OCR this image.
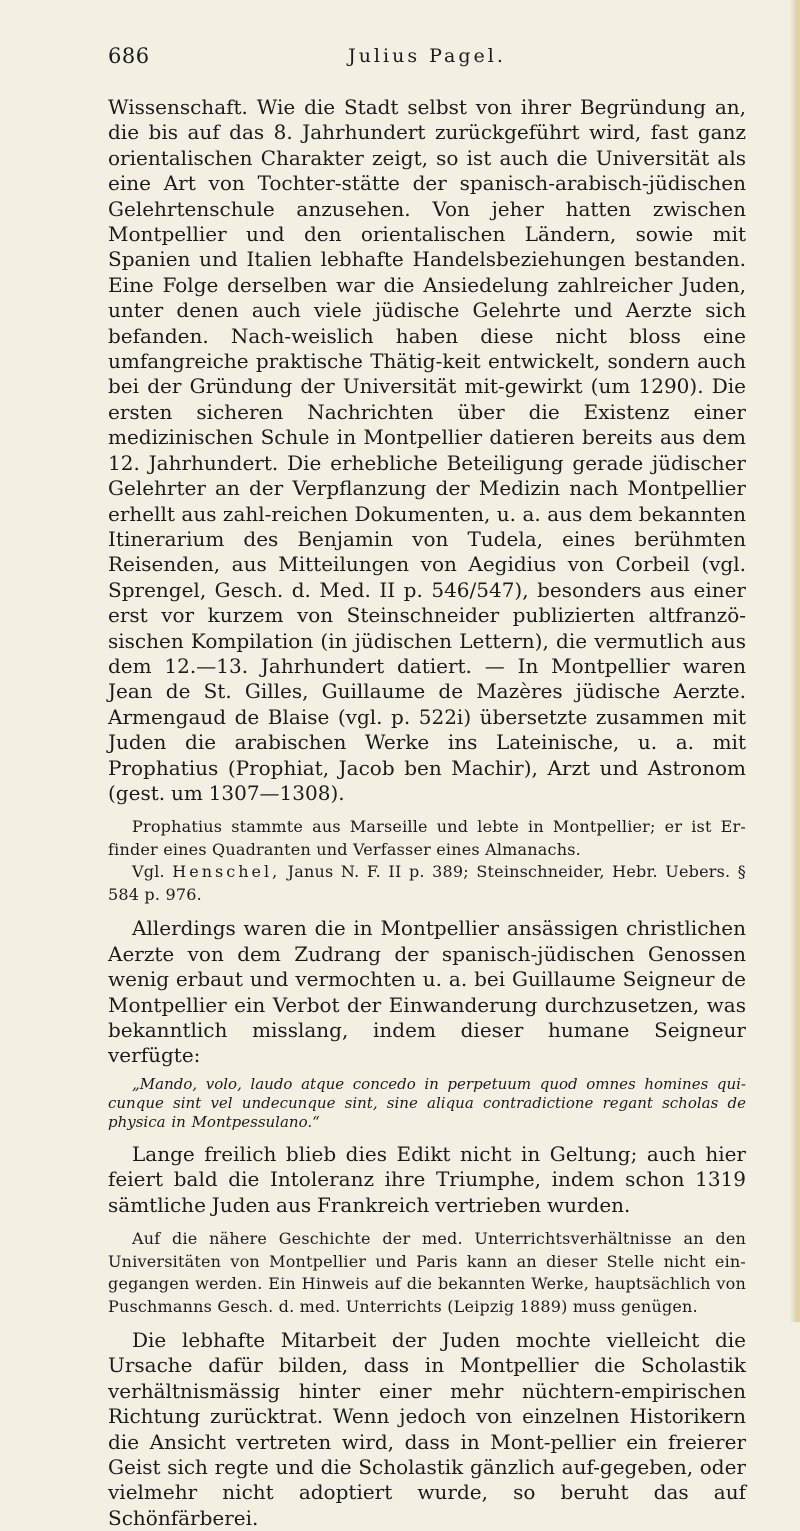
686	Julius Pagel.

Wissenschaft. Wie die Stadt selbst von ihrer Begründung an, die bis auf das 8. Jahrhundert zurückgeführt wird, fast ganz orientalischen Charakter zeigt, so ist auch die Universität als eine Art von Tochter-stätte der spanisch-arabisch-jüdischen Gelehrtenschule anzusehen. Von jeher hatten zwischen Montpellier und den orientalischen Ländern, sowie mit Spanien und Italien lebhafte Handelsbeziehungen bestanden. Eine Folge derselben war die Ansiedelung zahlreicher Juden, unter denen auch viele jüdische Gelehrte und Aerzte sich befanden. Nach-weislich haben diese nicht bloss eine umfangreiche praktische Thätig-keit entwickelt, sondern auch bei der Gründung der Universität mit-gewirkt (um 1290). Die ersten sicheren Nachrichten über die Existenz einer medizinischen Schule in Montpellier datieren bereits aus dem 12. Jahrhundert. Die erhebliche Beteiligung gerade jüdischer Gelehrter an der Verpflanzung der Medizin nach Montpellier erhellt aus zahl-reichen Dokumenten, u. a. aus dem bekannten Itinerarium des Benjamin von Tudela, eines berühmten Reisenden, aus Mitteilungen von Aegidius von Corbeil (vgl. Sprengel, Gesch. d. Med. II p. 546/547), besonders aus einer erst vor kurzem von Steinschneider publizierten altfranzö-sischen Kompilation (in jüdischen Lettern), die vermutlich aus dem 12.—13. Jahrhundert datiert. — In Montpellier waren Jean de St. Gilles, Guillaume de Mazères jüdische Aerzte. Armengaud de Blaise (vgl. p. 522i) übersetzte zusammen mit Juden die arabischen Werke ins Lateinische, u. a. mit Prophatius (Prophiat, Jacob ben Machir), Arzt und Astronom (gest. um 1307—1308).

Prophatius stammte aus Marseille und lebte in Montpellier; er ist Er-finder eines Quadranten und Verfasser eines Almanachs.

Vgl. Henschel, Janus N. F. II p. 389; Steinschneider, Hebr. Uebers. § 584 p. 976.

Allerdings waren die in Montpellier ansässigen christlichen Aerzte von dem Zudrang der spanisch-jüdischen Genossen wenig erbaut und vermochten u. a. bei Guillaume Seigneur de Montpellier ein Verbot der Einwanderung durchzusetzen, was bekanntlich misslang, indem dieser humane Seigneur verfügte:

„Mando, volo, laudo atque concedo in perpetuum quod omnes homines qui-cunque sint vel undecunque sint, sine aliqua contradictione regant scholas de physica in Montpessulano.“

Lange freilich blieb dies Edikt nicht in Geltung; auch hier feiert bald die Intoleranz ihre Triumphe, indem schon 1319 sämtliche Juden aus Frankreich vertrieben wurden.

Auf die nähere Geschichte der med. Unterrichtsverhältnisse an den Universitäten von Montpellier und Paris kann an dieser Stelle nicht ein-gegangen werden. Ein Hinweis auf die bekannten Werke, hauptsächlich von Puschmanns Gesch. d. med. Unterrichts (Leipzig 1889) muss genügen.

Die lebhafte Mitarbeit der Juden mochte vielleicht die Ursache dafür bilden, dass in Montpellier die Scholastik verhältnismässig hinter einer mehr nüchtern-empirischen Richtung zurücktrat. Wenn jedoch von einzelnen Historikern die Ansicht vertreten wird, dass in Mont-pellier ein freierer Geist sich regte und die Scholastik gänzlich auf-gegeben, oder vielmehr nicht adoptiert wurde, so beruht das auf Schönfärberei.
